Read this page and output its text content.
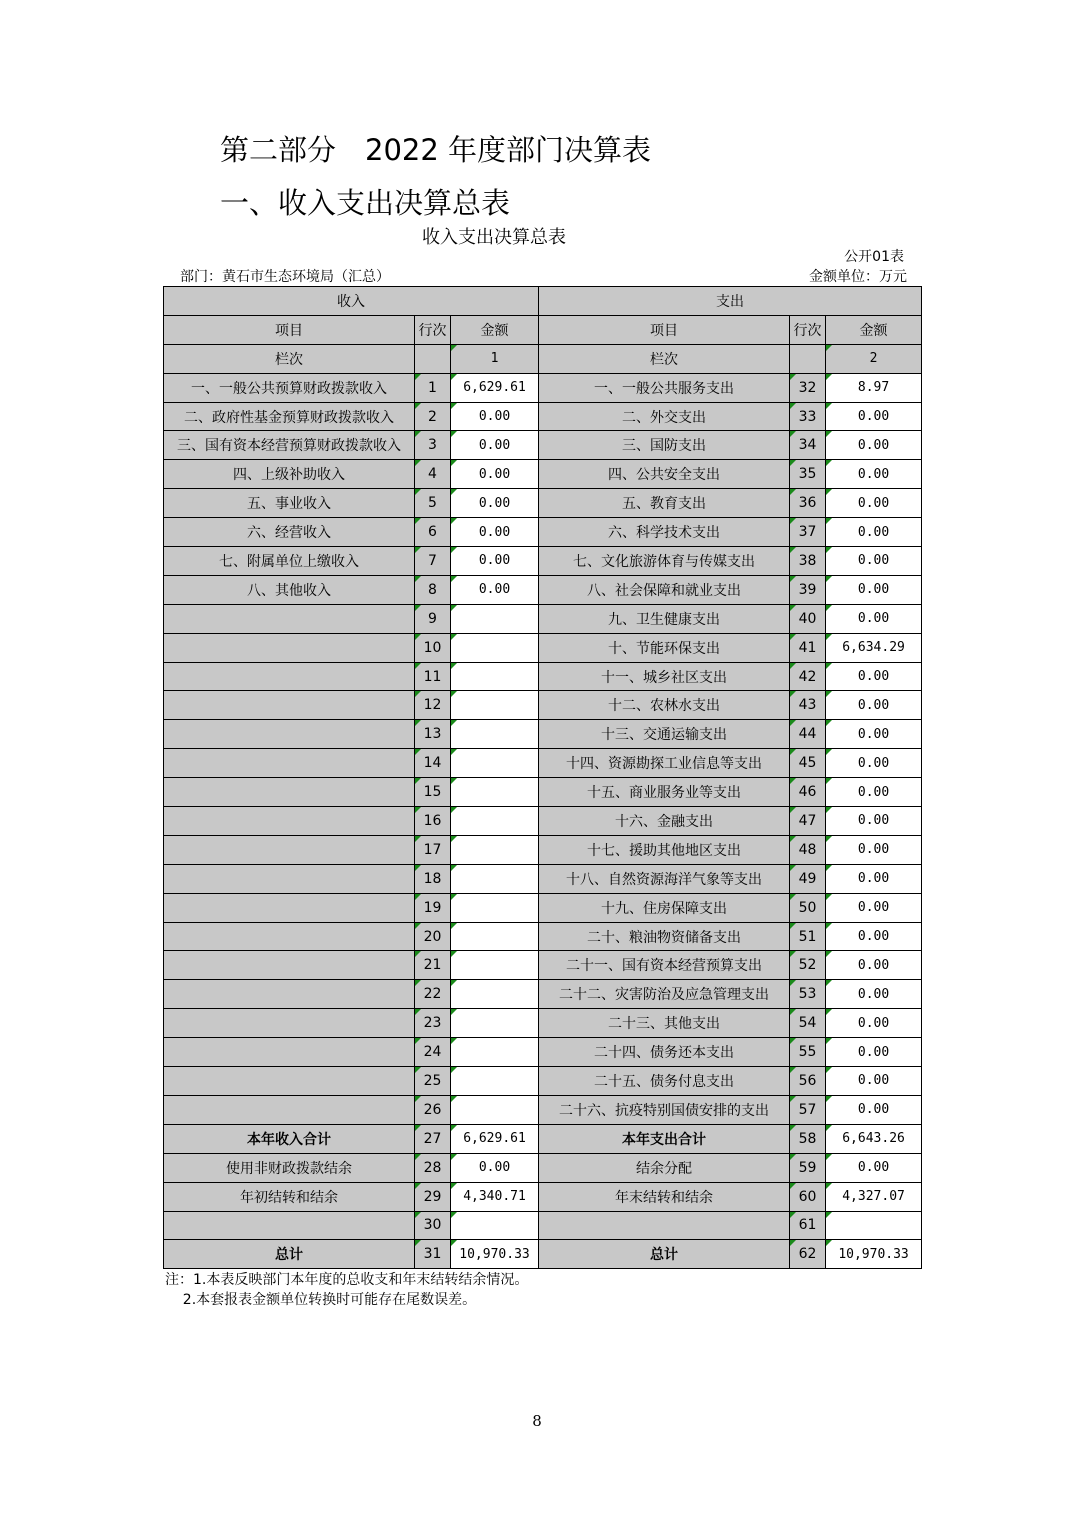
第二部分　2022 年度部门决算表
一、收入支出决算总表
收入支出决算总表
公开01表
部门：黄石市生态环境局（汇总）	金额单位：万元
收入			支出		
项目	行次	金额	项目	行次	金额
栏次		1	栏次		2
一、一般公共预算财政拨款收入	1	6,629.61	一、一般公共服务支出	32	8.97
二、政府性基金预算财政拨款收入	2	0.00	二、外交支出	33	0.00
三、国有资本经营预算财政拨款收入	3	0.00	三、国防支出	34	0.00
四、上级补助收入	4	0.00	四、公共安全支出	35	0.00
五、事业收入	5	0.00	五、教育支出	36	0.00
六、经营收入	6	0.00	六、科学技术支出	37	0.00
七、附属单位上缴收入	7	0.00	七、文化旅游体育与传媒支出	38	0.00
八、其他收入	8	0.00	八、社会保障和就业支出	39	0.00
	9		九、卫生健康支出	40	0.00
	10		十、节能环保支出	41	6,634.29
	11		十一、城乡社区支出	42	0.00
	12		十二、农林水支出	43	0.00
	13		十三、交通运输支出	44	0.00
	14		十四、资源勘探工业信息等支出	45	0.00
	15		十五、商业服务业等支出	46	0.00
	16		十六、金融支出	47	0.00
	17		十七、援助其他地区支出	48	0.00
	18		十八、自然资源海洋气象等支出	49	0.00
	19		十九、住房保障支出	50	0.00
	20		二十、粮油物资储备支出	51	0.00
	21		二十一、国有资本经营预算支出	52	0.00
	22		二十二、灾害防治及应急管理支出	53	0.00
	23		二十三、其他支出	54	0.00
	24		二十四、债务还本支出	55	0.00
	25		二十五、债务付息支出	56	0.00
	26		二十六、抗疫特别国债安排的支出	57	0.00
本年收入合计	27	6,629.61	本年支出合计	58	6,643.26
使用非财政拨款结余	28	0.00	结余分配	59	0.00
年初结转和结余	29	4,340.71	年末结转和结余	60	4,327.07
	30			61	
总计	31	10,970.33	总计	62	10,970.33
注：1.本表反映部门本年度的总收支和年末结转结余情况。
2.本套报表金额单位转换时可能存在尾数误差。
8
